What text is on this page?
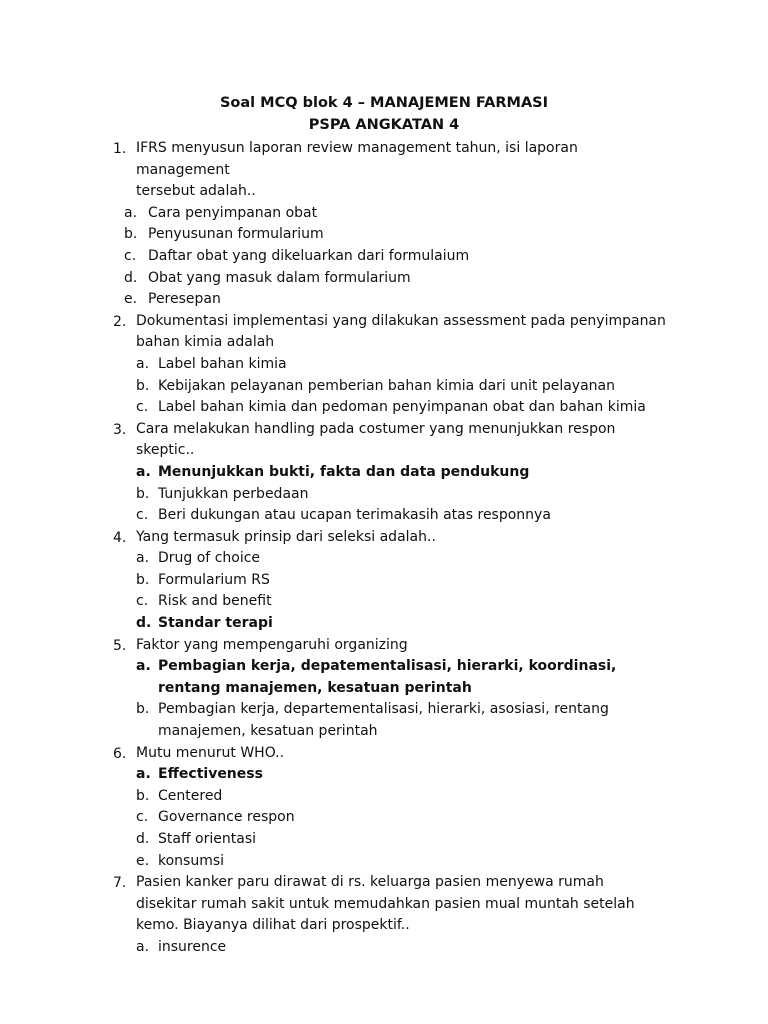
Soal MCQ blok 4 – MANAJEMEN FARMASI
PSPA ANGKATAN 4
1. IFRS menyusun laporan review management tahun, isi laporan management
tersebut adalah..
a. Cara penyimpanan obat
b. Penyusunan formularium
c. Daftar obat yang dikeluarkan dari formulaium
d. Obat yang masuk dalam formularium
e. Peresepan
2. Dokumentasi implementasi yang dilakukan assessment pada penyimpanan bahan kimia adalah
a. Label bahan kimia
b. Kebijakan pelayanan pemberian bahan kimia dari unit pelayanan
c. Label bahan kimia dan pedoman penyimpanan obat dan bahan kimia
3. Cara melakukan handling pada costumer yang menunjukkan respon skeptic..
a. Menunjukkan bukti, fakta dan data pendukung
b. Tunjukkan perbedaan
c. Beri dukungan atau ucapan terimakasih atas responnya
4. Yang termasuk prinsip dari seleksi adalah..
a. Drug of choice
b. Formularium RS
c. Risk and benefit
d. Standar terapi
5. Faktor yang mempengaruhi organizing
a. Pembagian kerja, depatementalisasi, hierarki, koordinasi, rentang manajemen, kesatuan perintah
b. Pembagian kerja, departementalisasi, hierarki, asosiasi, rentang manajemen, kesatuan perintah
6. Mutu menurut WHO..
a. Effectiveness
b. Centered
c. Governance respon
d. Staff orientasi
e. konsumsi
7. Pasien kanker paru dirawat di rs. keluarga pasien menyewa rumah disekitar rumah sakit untuk memudahkan pasien mual muntah setelah kemo. Biayanya dilihat dari prospektif..
a. insurence
